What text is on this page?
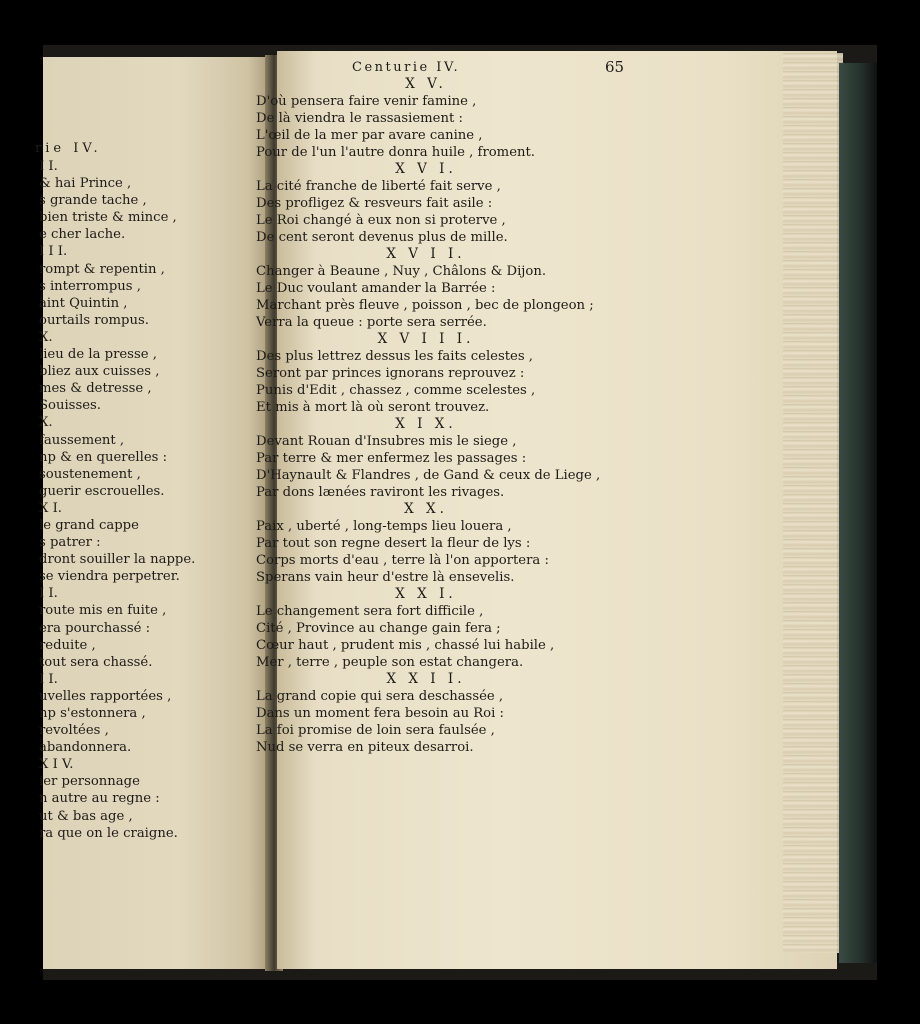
rie IV.
I I.
& hai Prince ,
s grande tache ,
bien triste & mince ,
e cher lache.
I I I.
rompt & repentin ,
s interrompus ,
aint Quintin ,
ourtails rompus.
X.
lieu de la presse ,
bliez aux cuisses ,
mes & detresse ,
Souisses.
X.
faussement ,
np & en querelles :
soustenement ,
guerir escrouelles.
X I.
le grand cappe
s patrer :
dront souiller la nappe.
se viendra perpetrer.
I I.
route mis en fuite ,
era pourchassé :
reduite ,
tout sera chassé.
I I.
uvelles rapportées ,
np s'estonnera ,
revoltées ,
abandonnera.
X I V.
ier personnage
n autre au regne :
ut & bas age ,
ra que on le craigne.
Centurie IV.	65
X V.
D'où pensera faire venir famine ,
De là viendra le rassasiement :
L'œil de la mer par avare canine ,
Pour de l'un l'autre donra huile , froment.
X V I.
La cité franche de liberté fait serve ,
Des profligez & resveurs fait asile :
Le Roi changé à eux non si proterve ,
De cent seront devenus plus de mille.
X V I I.
Changer à Beaune , Nuy , Châlons & Dijon.
Le Duc voulant amander la Barrée :
Marchant près fleuve , poisson , bec de plongeon ;
Verra la queue : porte sera serrée.
X V I I I.
Des plus lettrez dessus les faits celestes ,
Seront par princes ignorans reprouvez :
Punis d'Edit , chassez , comme scelestes ,
Et mis à mort là où seront trouvez.
X I X.
Devant Rouan d'Insubres mis le siege ,
Par terre & mer enfermez les passages :
D'Haynault & Flandres , de Gand & ceux de Liege ,
Par dons lænées raviront les rivages.
X X.
Paix , uberté , long-temps lieu louera ,
Par tout son regne desert la fleur de lys :
Corps morts d'eau , terre là l'on apportera :
Sperans vain heur d'estre là ensevelis.
X X I.
Le changement sera fort difficile ,
Cité , Province au change gain fera ;
Cœur haut , prudent mis , chassé lui habile ,
Mer , terre , peuple son estat changera.
X X I I.
La grand copie qui sera deschassée ,
Dans un moment fera besoin au Roi :
La foi promise de loin sera faulsée ,
Nud se verra en piteux desarroi.
